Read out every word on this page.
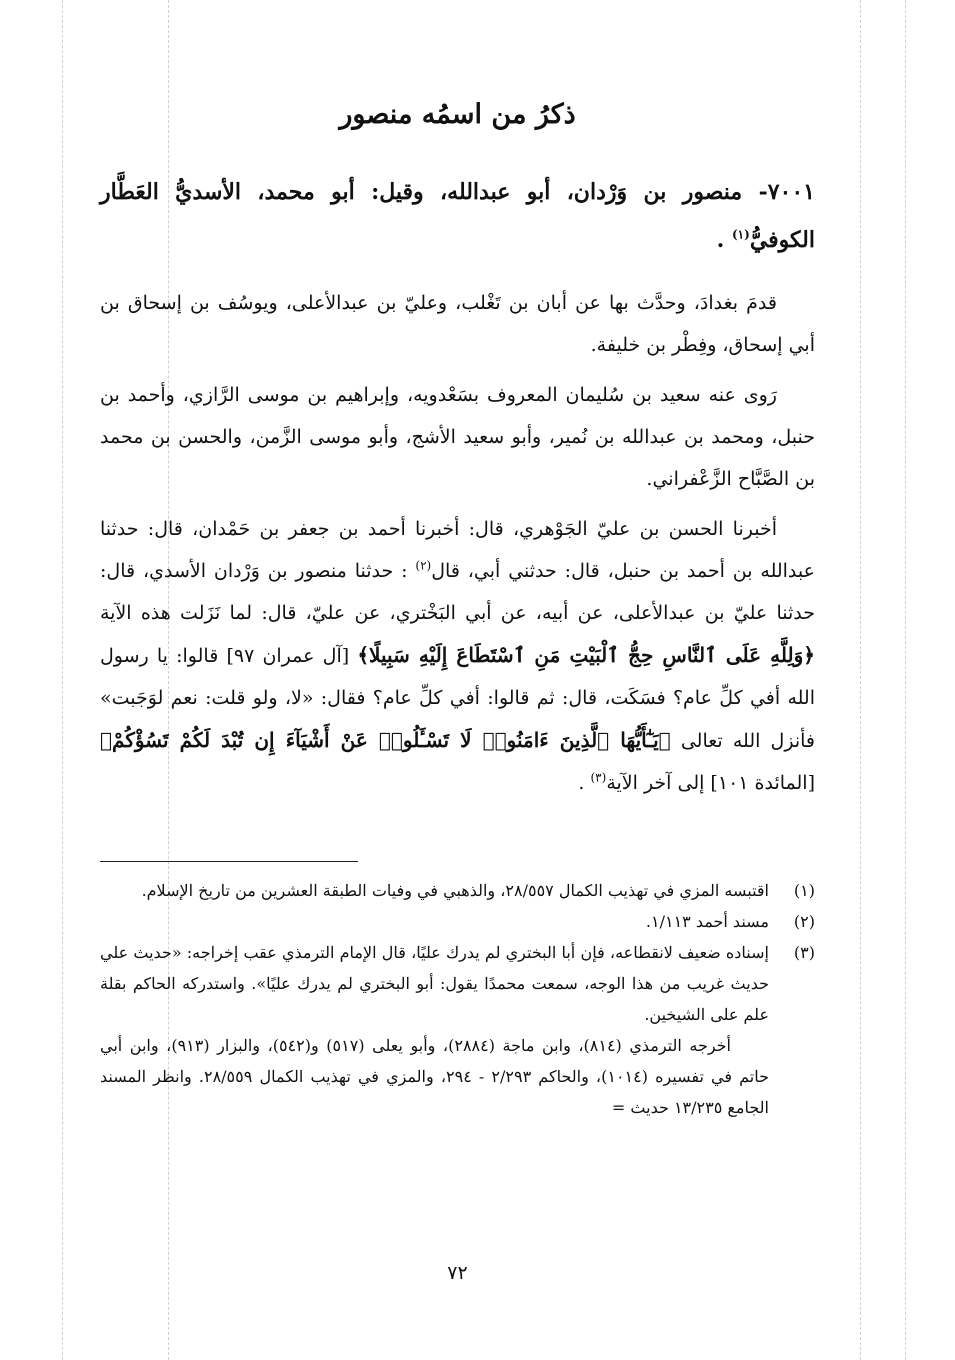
ذكرُ من اسمُه منصور
٧٠٠١- منصور بن وَرْدان، أبو عبدالله، وقيل: أبو محمد، الأسديُّ العَطَّار الكوفيُّ$^{(١)}$ .
قدمَ بغدادَ، وحدَّث بها عن أبان بن تَغْلب، وعليّ بن عبدالأعلى، ويوسُف بن إسحاق بن أبي إسحاق، وفِطْر بن خليفة.
رَوى عنه سعيد بن سُليمان المعروف بسَعْدويه، وإبراهيم بن موسى الرَّازي، وأحمد بن حنبل، ومحمد بن عبدالله بن نُمير، وأبو سعيد الأشج، وأبو موسى الزَّمن، والحسن بن محمد بن الصَّبَّاح الزَّعْفراني.
أخبرنا الحسن بن عليّ الجَوْهري، قال: أخبرنا أحمد بن جعفر بن حَمْدان، قال: حدثنا عبدالله بن أحمد بن حنبل، قال: حدثني أبي، قال$^{(٢)}$ : حدثنا منصور بن وَرْدان الأسدي، قال: حدثنا عليّ بن عبدالأعلى، عن أبيه، عن أبي البَخْتري، عن عليّ، قال: لما نَزَلت هذه الآية ﴿وَلِلَّهِ عَلَى ٱلنَّاسِ حِجُّ ٱلْبَيْتِ مَنِ ٱسْتَطَاعَ إِلَيْهِ سَبِيلًا﴾ [آل عمران ٩٧] قالوا: يا رسول الله أفي كلِّ عام؟ فسَكَت، قال: ثم قالوا: أفي كلِّ عام؟ فقال: «لا، ولو قلت: نعم لوَجَبت» فأنزل الله تعالى ﴿يَـٰٓأَيُّهَا ٱلَّذِينَ ءَامَنُوا۟ لَا تَسْـَٔلُوا۟ عَنْ أَشْيَآءَ إِن تُبْدَ لَكُمْ تَسُؤْكُمْ﴾ [المائدة ١٠١] إلى آخر الآية$^{(٣)}$ .
(١)
اقتبسه المزي في تهذيب الكمال ٢٨/٥٥٧، والذهبي في وفيات الطبقة العشرين من تاريخ الإسلام.
(٢)
مسند أحمد ١/١١٣.
(٣)
إسناده ضعيف لانقطاعه، فإن أبا البختري لم يدرك عليًا، قال الإمام الترمذي عقب إخراجه: «حديث علي حديث غريب من هذا الوجه، سمعت محمدًا يقول: أبو البختري لم يدرك عليًا». واستدركه الحاكم بقلة علم على الشيخين.
أخرجه الترمذي (٨١٤)، وابن ماجة (٢٨٨٤)، وأبو يعلى (٥١٧) و(٥٤٢)، والبزار (٩١٣)، وابن أبي حاتم في تفسيره (١٠١٤)، والحاكم ٢/٢٩٣ - ٢٩٤، والمزي في تهذيب الكمال ٢٨/٥٥٩. وانظر المسند الجامع ١٣/٢٣٥ حديث =
٧٢
